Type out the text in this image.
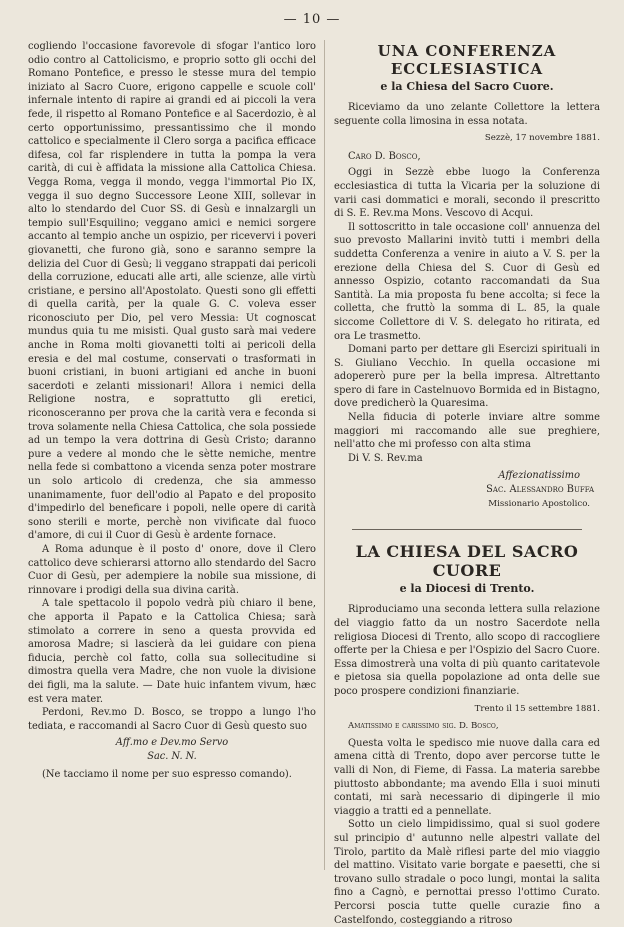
— 10 —

cogliendo l'occasione favorevole di sfogar l'antico loro odio contro al Cattolicismo, e proprio sotto gli occhi del Romano Pontefice, e presso le stesse mura del tempio iniziato al Sacro Cuore, erigono cappelle e scuole coll' infernale intento di rapire ai grandi ed ai piccoli la vera fede, il rispetto al Romano Pontefice e al Sacerdozio, è al certo opportunissimo, pressantissimo che il mondo cattolico e specialmente il Clero sorga a pacifica efficace difesa, col far risplendere in tutta la pompa la vera carità, di cui è affidata la missione alla Cattolica Chiesa. Vegga Roma, vegga il mondo, vegga l'immortal Pio IX, vegga il suo degno Successore Leone XIII, sollevar in alto lo stendardo del Cuor SS. di Gesù e innalzargli un tempio sull'Esquilino; veggano amici e nemici sorgere accanto al tempio anche un ospizio, per ricevervi i poveri giovanetti, che furono già, sono e saranno sempre la delizia del Cuor di Gesù; li veggano strappati dai pericoli della corruzione, educati alle arti, alle scienze, alle virtù cristiane, e persino all'Apostolato. Questi sono gli effetti di quella carità, per la quale G. C. voleva esser riconosciuto per Dio, pel vero Messia: Ut cognoscat mundus quia tu me misisti. Qual gusto sarà mai vedere anche in Roma molti giovanetti tolti ai pericoli della eresia e del mal costume, conservati o trasformati in buoni cristiani, in buoni artigiani ed anche in buoni sacerdoti e zelanti missionari! Allora i nemici della Religione nostra, e soprattutto gli eretici, riconosceranno per prova che la carità vera e feconda si trova solamente nella Chiesa Cattolica, che sola possiede ad un tempo la vera dottrina di Gesù Cristo; daranno pure a vedere al mondo che le sètte nemiche, mentre nella fede si combattono a vicenda senza poter mostrare un solo articolo di credenza, che sia ammesso unanimamente, fuor dell'odio al Papato e del proposito d'impedirlo del beneficare i popoli, nelle opere di carità sono sterili e morte, perchè non vivificate dal fuoco d'amore, di cui il Cuor di Gesù è ardente fornace.

A Roma adunque è il posto d' onore, dove il Clero cattolico deve schierarsi attorno allo stendardo del Sacro Cuor di Gesù, per adempiere la nobile sua missione, di rinnovare i prodigi della sua divina carità.

A tale spettacolo il popolo vedrà più chiaro il bene, che apporta il Papato e la Cattolica Chiesa; sarà stimolato a correre in seno a questa provvida ed amorosa Madre; si lascierà da lei guidare con piena fiducia, perchè col fatto, colla sua sollecitudine si dimostra quella vera Madre, che non vuole la divisione dei figli, ma la salute. — Date huic infantem vivum, hæc est vera mater.

Perdoni, Rev.mo D. Bosco, se troppo a lungo l'ho tediata, e raccomandi al Sacro Cuor di Gesù questo suo

Aff.mo e Dev.mo Servo
Sac. N. N.

(Ne tacciamo il nome per suo espresso comando).

UNA CONFERENZA ECCLESIASTICA
e la Chiesa del Sacro Cuore.

Riceviamo da uno zelante Collettore la lettera seguente colla limosina in essa notata.

Sezzè, 17 novembre 1881.

Caro D. Bosco,

Oggi in Sezzè ebbe luogo la Conferenza ecclesiastica di tutta la Vicaria per la soluzione di varii casi dommatici e morali, secondo il prescritto di S. E. Rev.ma Mons. Vescovo di Acqui.

Il sottoscritto in tale occasione coll' annuenza del suo prevosto Mallarini invitò tutti i membri della suddetta Conferenza a venire in aiuto a V. S. per la erezione della Chiesa del S. Cuor di Gesù ed annesso Ospizio, cotanto raccomandati da Sua Santità. La mia proposta fu bene accolta; si fece la colletta, che fruttò la somma di L. 85, la quale siccome Collettore di V. S. delegato ho ritirata, ed ora Le trasmetto.

Domani parto per dettare gli Esercizi spirituali in S. Giuliano Vecchio. In quella occasione mi adopererò pure per la bella impresa. Altrettanto spero di fare in Castelnuovo Bormida ed in Bistagno, dove predicherò la Quaresima.

Nella fiducia di poterle inviare altre somme maggiori mi raccomando alle sue preghiere, nell'atto che mi professo con alta stima

Di V. S. Rev.ma

Affezionatissimo
Sac. Alessandro Buffa
Missionario Apostolico.
LA CHIESA DEL SACRO CUORE
e la Diocesi di Trento.

Riproduciamo una seconda lettera sulla relazione del viaggio fatto da un nostro Sacerdote nella religiosa Diocesi di Trento, allo scopo di raccogliere offerte per la Chiesa e per l'Ospizio del Sacro Cuore. Essa dimostrerà una volta di più quanto caritatevole e pietosa sia quella popolazione ad onta delle sue poco prospere condizioni finanziarie.

Trento il 15 settembre 1881.

Amatissimo e carissimo sig. D. Bosco,

Questa volta le spedisco mie nuove dalla cara ed amena città di Trento, dopo aver percorse tutte le valli di Non, di Fieme, di Fassa. La materia sarebbe piuttosto abbondante; ma avendo Ella i suoi minuti contati, mi sarà necessario di dipingerle il mio viaggio a tratti ed a pennellate.

Sotto un cielo limpidissimo, qual si suol godere sul principio d' autunno nelle alpestri vallate del Tirolo, partito da Malè riflesi parte del mio viaggio del mattino. Visitato varie borgate e paesetti, che si trovano sullo stradale o poco lungi, montai la salita fino a Cagnò, e pernottai presso l'ottimo Curato. Percorsi poscia tutte quelle curazie fino a Castelfondo, costeggiando a ritroso
